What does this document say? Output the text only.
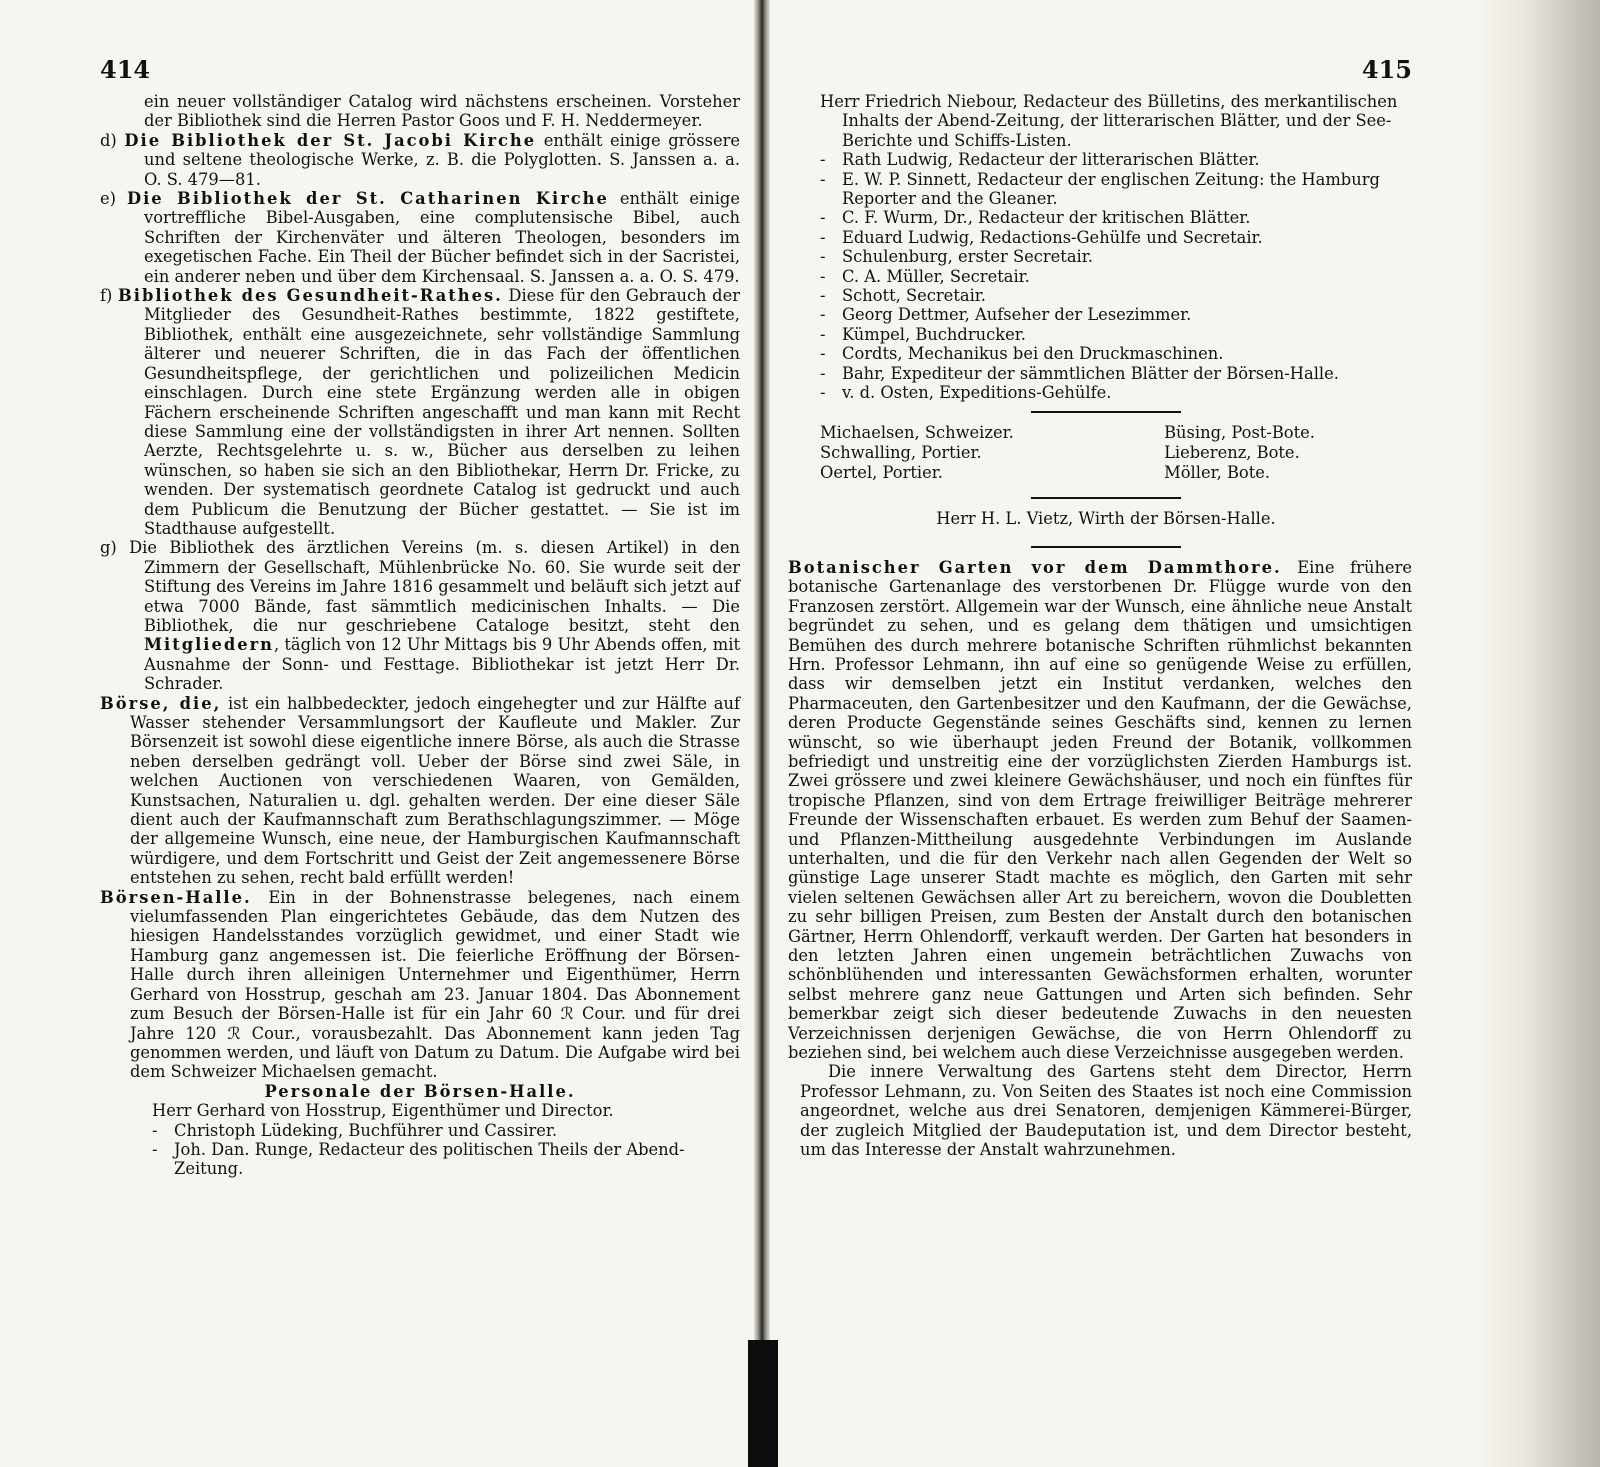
414

ein neuer vollständiger Catalog wird nächstens erscheinen. Vorsteher der Bibliothek sind die Herren Pastor Goos und F. H. Neddermeyer.

d) Die Bibliothek der St. Jacobi Kirche enthält einige grössere und seltene theologische Werke, z. B. die Polyglotten. S. Janssen a. a. O. S. 479—81.

e) Die Bibliothek der St. Catharinen Kirche enthält einige vortreffliche Bibel-Ausgaben, eine complutensische Bibel, auch Schriften der Kirchenväter und älteren Theologen, besonders im exegetischen Fache. Ein Theil der Bücher befindet sich in der Sacristei, ein anderer neben und über dem Kirchensaal. S. Janssen a. a. O. S. 479.

f) Bibliothek des Gesundheit-Rathes. Diese für den Gebrauch der Mitglieder des Gesundheit-Rathes bestimmte, 1822 gestiftete, Bibliothek, enthält eine ausgezeichnete, sehr vollständige Sammlung älterer und neuerer Schriften, die in das Fach der öffentlichen Gesundheitspflege, der gerichtlichen und polizeilichen Medicin einschlagen. Durch eine stete Ergänzung werden alle in obigen Fächern erscheinende Schriften angeschafft und man kann mit Recht diese Sammlung eine der vollständigsten in ihrer Art nennen. Sollten Aerzte, Rechtsgelehrte u. s. w., Bücher aus derselben zu leihen wünschen, so haben sie sich an den Bibliothekar, Herrn Dr. Fricke, zu wenden. Der systematisch geordnete Catalog ist gedruckt und auch dem Publicum die Benutzung der Bücher gestattet. — Sie ist im Stadthause aufgestellt.

g) Die Bibliothek des ärztlichen Vereins (m. s. diesen Artikel) in den Zimmern der Gesellschaft, Mühlenbrücke No. 60. Sie wurde seit der Stiftung des Vereins im Jahre 1816 gesammelt und beläuft sich jetzt auf etwa 7000 Bände, fast sämmtlich medicinischen Inhalts. — Die Bibliothek, die nur geschriebene Cataloge besitzt, steht den Mitgliedern, täglich von 12 Uhr Mittags bis 9 Uhr Abends offen, mit Ausnahme der Sonn- und Festtage. Bibliothekar ist jetzt Herr Dr. Schrader.

Börse, die, ist ein halbbedeckter, jedoch eingehegter und zur Hälfte auf Wasser stehender Versammlungsort der Kaufleute und Makler. Zur Börsenzeit ist sowohl diese eigentliche innere Börse, als auch die Strasse neben derselben gedrängt voll. Ueber der Börse sind zwei Säle, in welchen Auctionen von verschiedenen Waaren, von Gemälden, Kunstsachen, Naturalien u. dgl. gehalten werden. Der eine dieser Säle dient auch der Kaufmannschaft zum Berathschlagungszimmer. — Möge der allgemeine Wunsch, eine neue, der Hamburgischen Kaufmannschaft würdigere, und dem Fortschritt und Geist der Zeit angemessenere Börse entstehen zu sehen, recht bald erfüllt werden!

Börsen-Halle. Ein in der Bohnenstrasse belegenes, nach einem vielumfassenden Plan eingerichtetes Gebäude, das dem Nutzen des hiesigen Handelsstandes vorzüglich gewidmet, und einer Stadt wie Hamburg ganz angemessen ist. Die feierliche Eröffnung der Börsen-Halle durch ihren alleinigen Unternehmer und Eigenthümer, Herrn Gerhard von Hosstrup, geschah am 23. Januar 1804. Das Abonnement zum Besuch der Börsen-Halle ist für ein Jahr 60 ℛ Cour. und für drei Jahre 120 ℛ Cour., vorausbezahlt. Das Abonnement kann jeden Tag genommen werden, und läuft von Datum zu Datum. Die Aufgabe wird bei dem Schweizer Michaelsen gemacht.

Personale der Börsen-Halle.

Herr Gerhard von Hosstrup, Eigenthümer und Director.
- Christoph Lüdeking, Buchführer und Cassirer.
- Joh. Dan. Runge, Redacteur des politischen Theils der Abend-Zeitung.
415
Herr Friedrich Niebour, Redacteur des Bülletins, des merkantilischen Inhalts der Abend-Zeitung, der litterarischen Blätter, und der See-Berichte und Schiffs-Listen.
- Rath Ludwig, Redacteur der litterarischen Blätter.
- E. W. P. Sinnett, Redacteur der englischen Zeitung: the Hamburg Reporter and the Gleaner.
- C. F. Wurm, Dr., Redacteur der kritischen Blätter.
- Eduard Ludwig, Redactions-Gehülfe und Secretair.
- Schulenburg, erster Secretair.
- C. A. Müller, Secretair.
- Schott, Secretair.
- Georg Dettmer, Aufseher der Lesezimmer.
- Kümpel, Buchdrucker.
- Cordts, Mechanikus bei den Druckmaschinen.
- Bahr, Expediteur der sämmtlichen Blätter der Börsen-Halle.
- v. d. Osten, Expeditions-Gehülfe.
Michaelsen, Schweizer.	Büsing, Post-Bote.
Schwalling, Portier.	Lieberenz, Bote.
Oertel, Portier.	Möller, Bote.

Herr H. L. Vietz, Wirth der Börsen-Halle.

Botanischer Garten vor dem Dammthore. Eine frühere botanische Gartenanlage des verstorbenen Dr. Flügge wurde von den Franzosen zerstört. Allgemein war der Wunsch, eine ähnliche neue Anstalt begründet zu sehen, und es gelang dem thätigen und umsichtigen Bemühen des durch mehrere botanische Schriften rühmlichst bekannten Hrn. Professor Lehmann, ihn auf eine so genügende Weise zu erfüllen, dass wir demselben jetzt ein Institut verdanken, welches den Pharmaceuten, den Gartenbesitzer und den Kaufmann, der die Gewächse, deren Producte Gegenstände seines Geschäfts sind, kennen zu lernen wünscht, so wie überhaupt jeden Freund der Botanik, vollkommen befriedigt und unstreitig eine der vorzüglichsten Zierden Hamburgs ist. Zwei grössere und zwei kleinere Gewächshäuser, und noch ein fünftes für tropische Pflanzen, sind von dem Ertrage freiwilliger Beiträge mehrerer Freunde der Wissenschaften erbauet. Es werden zum Behuf der Saamen- und Pflanzen-Mittheilung ausgedehnte Verbindungen im Auslande unterhalten, und die für den Verkehr nach allen Gegenden der Welt so günstige Lage unserer Stadt machte es möglich, den Garten mit sehr vielen seltenen Gewächsen aller Art zu bereichern, wovon die Doubletten zu sehr billigen Preisen, zum Besten der Anstalt durch den botanischen Gärtner, Herrn Ohlendorff, verkauft werden. Der Garten hat besonders in den letzten Jahren einen ungemein beträchtlichen Zuwachs von schönblühenden und interessanten Gewächsformen erhalten, worunter selbst mehrere ganz neue Gattungen und Arten sich befinden. Sehr bemerkbar zeigt sich dieser bedeutende Zuwachs in den neuesten Verzeichnissen derjenigen Gewächse, die von Herrn Ohlendorff zu beziehen sind, bei welchem auch diese Verzeichnisse ausgegeben werden.

Die innere Verwaltung des Gartens steht dem Director, Herrn Professor Lehmann, zu. Von Seiten des Staates ist noch eine Commission angeordnet, welche aus drei Senatoren, demjenigen Kämmerei-Bürger, der zugleich Mitglied der Baudeputation ist, und dem Director besteht, um das Interesse der Anstalt wahrzunehmen.
